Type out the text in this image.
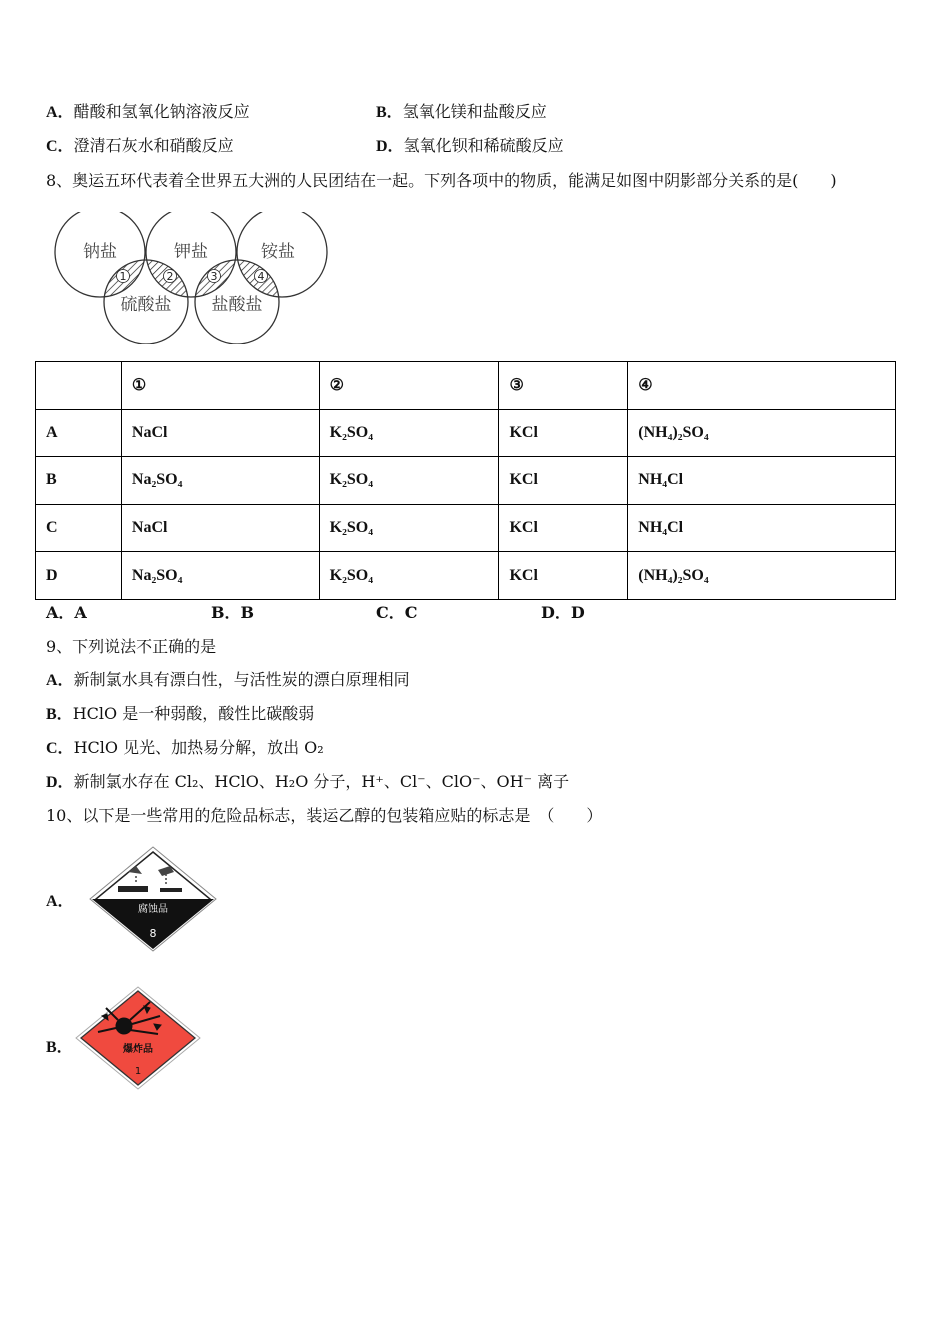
A．醋酸和氢氧化钠溶液反应	B．氢氧化镁和盐酸反应
C．澄清石灰水和硝酸反应	D．氢氧化钡和稀硫酸反应
8、奥运五环代表着全世界五大洲的人民团结在一起。下列各项中的物质，能满足如图中阴影部分关系的是(　　)
钠盐	钾盐	铵盐
硫酸盐 盐酸盐
1	2	3	4
	①	②	③	④
A	NaCl	K₂SO₄	KCl	(NH₄)₂SO₄
B	Na₂SO₄	K₂SO₄	KCl	NH₄Cl
C	NaCl	K₂SO₄	KCl	NH₄Cl
D	Na₂SO₄	K₂SO₄	KCl	(NH₄)₂SO₄
A．A	B．B	C．C	D．D
9、下列说法不正确的是
A．新制氯水具有漂白性，与活性炭的漂白原理相同
B．HClO 是一种弱酸，酸性比碳酸弱
C．HClO 见光、加热易分解，放出 O₂
D．新制氯水存在 Cl₂、HClO、H₂O 分子，H⁺、Cl⁻、ClO⁻、OH⁻ 离子
10、以下是一些常用的危险品标志，装运乙醇的包装箱应贴的标志是　（　　）
A．	腐蚀品
8
B．	爆炸品
1
